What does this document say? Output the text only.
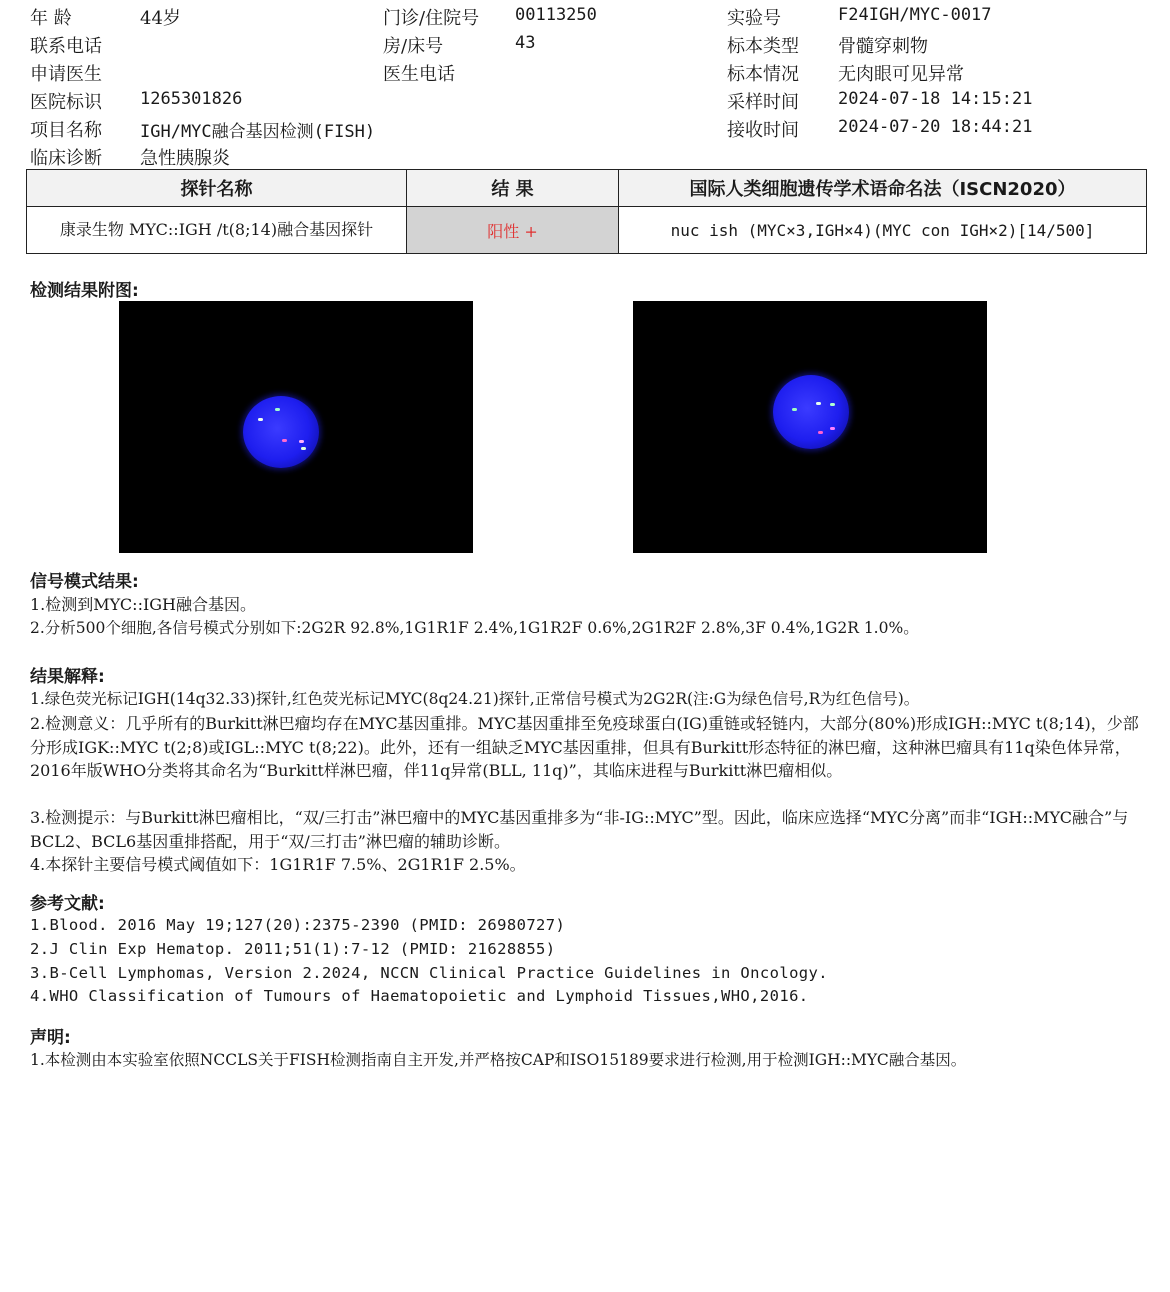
年 龄	44岁
联系电话
申请医生
医院标识 1265301826
项目名称 IGH/MYC融合基因检测(FISH)
临床诊断 急性胰腺炎
门诊/住院号 00113250
房/床号	43
医生电话
实验号	F24IGH/MYC-0017
标本类型 骨髓穿刺物
标本情况 无肉眼可见异常
采样时间 2024-07-18 14:15:21
接收时间 2024-07-20 18:44:21
探针名称	结 果	国际人类细胞遗传学术语命名法（ISCN2020）
康录生物 MYC::IGH /t(8;14)融合基因探针	阳性 +	nuc ish (MYC×3,IGH×4)(MYC con IGH×2)[14/500]
检测结果附图:
信号模式结果:
1.检测到MYC::IGH融合基因。
2.分析500个细胞,各信号模式分别如下:2G2R 92.8%,1G1R1F 2.4%,1G1R2F 0.6%,2G1R2F 2.8%,3F 0.4%,1G2R 1.0%。
结果解释:
1.绿色荧光标记IGH(14q32.33)探针,红色荧光标记MYC(8q24.21)探针,正常信号模式为2G2R(注:G为绿色信号,R为红色信号)。
2.检测意义：几乎所有的Burkitt淋巴瘤均存在MYC基因重排。MYC基因重排至免疫球蛋白(IG)重链或轻链内，大部分(80%)形成IGH::MYC t(8;14)，少部分形成IGK::MYC t(2;8)或IGL::MYC t(8;22)。此外，还有一组缺乏MYC基因重排，但具有Burkitt形态特征的淋巴瘤，这种淋巴瘤具有11q染色体异常，2016年版WHO分类将其命名为“Burkitt样淋巴瘤，伴11q异常(BLL, 11q)”，其临床进程与Burkitt淋巴瘤相似。
3.检测提示：与Burkitt淋巴瘤相比，“双/三打击”淋巴瘤中的MYC基因重排多为“非-IG::MYC”型。因此，临床应选择“MYC分离”而非“IGH::MYC融合”与BCL2、BCL6基因重排搭配，用于“双/三打击”淋巴瘤的辅助诊断。
4.本探针主要信号模式阈值如下：1G1R1F 7.5%、2G1R1F 2.5%。
参考文献:
1.Blood. 2016 May 19;127(20):2375-2390 (PMID: 26980727)
2.J Clin Exp Hematop. 2011;51(1):7-12 (PMID: 21628855)
3.B-Cell Lymphomas, Version 2.2024, NCCN Clinical Practice Guidelines in Oncology.
4.WHO Classification of Tumours of Haematopoietic and Lymphoid Tissues,WHO,2016.
声明:
1.本检测由本实验室依照NCCLS关于FISH检测指南自主开发,并严格按CAP和ISO15189要求进行检测,用于检测IGH::MYC融合基因。
